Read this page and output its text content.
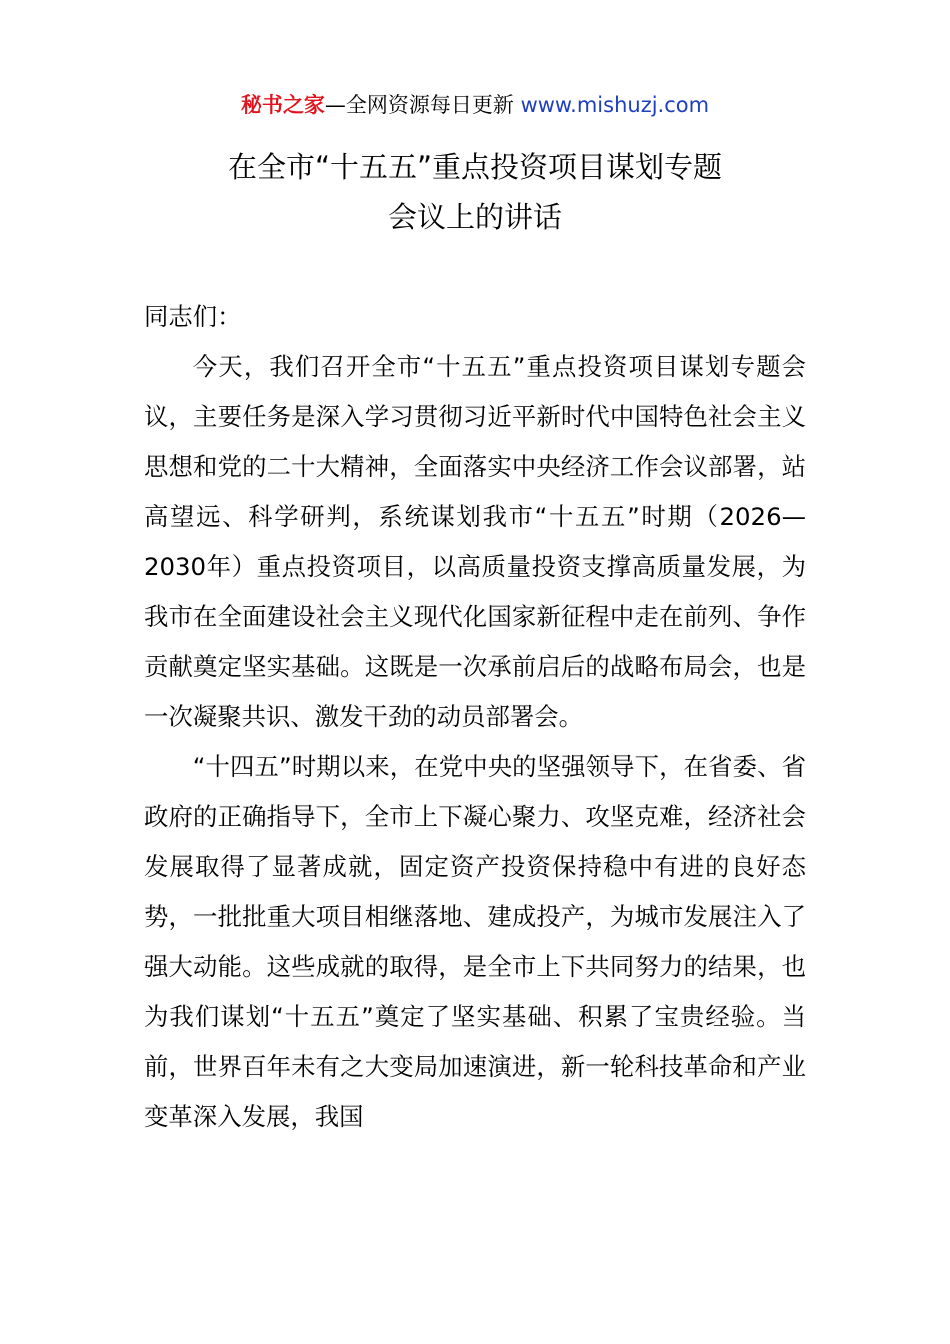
秘书之家—全网资源每日更新 www.mishuzj.com
在全市“十五五”重点投资项目谋划专题
会议上的讲话

同志们：

今天，我们召开全市“十五五”重点投资项目谋划专题会议，主要任务是深入学习贯彻习近平新时代中国特色社会主义思想和党的二十大精神，全面落实中央经济工作会议部署，站高望远、科学研判，系统谋划我市“十五五”时期（2026—2030年）重点投资项目，以高质量投资支撑高质量发展，为我市在全面建设社会主义现代化国家新征程中走在前列、争作贡献奠定坚实基础。这既是一次承前启后的战略布局会，也是一次凝聚共识、激发干劲的动员部署会。

“十四五”时期以来，在党中央的坚强领导下，在省委、省政府的正确指导下，全市上下凝心聚力、攻坚克难，经济社会发展取得了显著成就，固定资产投资保持稳中有进的良好态势，一批批重大项目相继落地、建成投产，为城市发展注入了强大动能。这些成就的取得，是全市上下共同努力的结果，也为我们谋划“十五五”奠定了坚实基础、积累了宝贵经验。当前，世界百年未有之大变局加速演进，新一轮科技革命和产业变革深入发展，我国
